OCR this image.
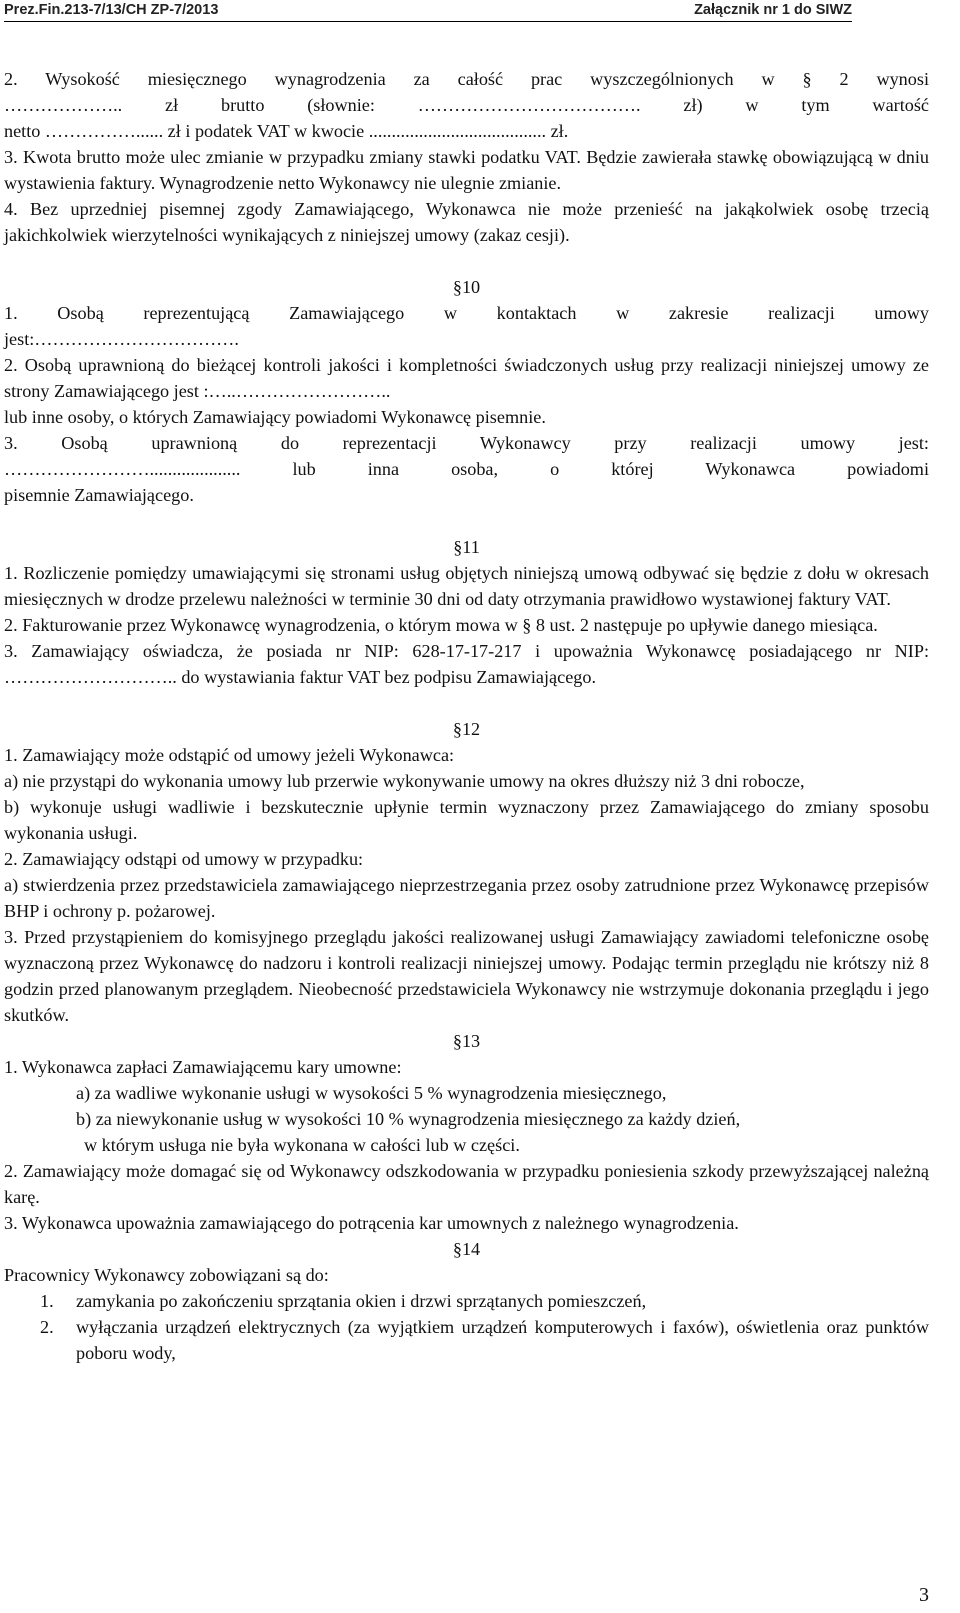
Prez.Fin.213-7/13/CH ZP-7/2013	Załącznik nr 1 do SIWZ

2. Wysokość miesięcznego wynagrodzenia za całość prac wyszczególnionych w § 2 wynosi

……………….. zł brutto (słownie: ………………………………. zł) w tym wartość

netto ……………...... zł i podatek VAT w kwocie ....................................... zł.

3. Kwota brutto może ulec zmianie w przypadku zmiany stawki podatku VAT. Będzie zawierała stawkę obowiązującą w dniu wystawienia faktury. Wynagrodzenie netto Wykonawcy nie ulegnie zmianie.

4. Bez uprzedniej pisemnej zgody Zamawiającego, Wykonawca nie może przenieść na jakąkolwiek osobę trzecią jakichkolwiek wierzytelności wynikających z niniejszej umowy (zakaz cesji).

§10

1. Osobą reprezentującą Zamawiającego w kontaktach w zakresie realizacji umowy

jest:…………………………….

2. Osobą uprawnioną do bieżącej kontroli jakości i kompletności świadczonych usług przy realizacji niniejszej umowy ze strony Zamawiającego jest :…..……………………..

lub inne osoby, o których Zamawiający powiadomi Wykonawcę pisemnie.

3. Osobą uprawnioną do reprezentacji Wykonawcy przy realizacji umowy jest:

…………………….................... lub inna osoba, o której Wykonawca powiadomi

pisemnie Zamawiającego.

§11

1. Rozliczenie pomiędzy umawiającymi się stronami usług objętych niniejszą umową odbywać się będzie z dołu w okresach miesięcznych w drodze przelewu należności w terminie 30 dni od daty otrzymania prawidłowo wystawionej faktury VAT.

2. Fakturowanie przez Wykonawcę wynagrodzenia, o którym mowa w § 8 ust. 2 następuje po upływie danego miesiąca.

3. Zamawiający oświadcza, że posiada nr NIP: 628-17-17-217 i upoważnia Wykonawcę posiadającego nr NIP: ……………………….. do wystawiania faktur VAT bez podpisu Zamawiającego.

§12

1. Zamawiający może odstąpić od umowy jeżeli Wykonawca:

a) nie przystąpi do wykonania umowy lub przerwie wykonywanie umowy na okres dłuższy niż 3 dni robocze,

b) wykonuje usługi wadliwie i bezskutecznie upłynie termin wyznaczony przez Zamawiającego do zmiany sposobu wykonania usługi.

2. Zamawiający odstąpi od umowy w przypadku:

a) stwierdzenia przez przedstawiciela zamawiającego nieprzestrzegania przez osoby zatrudnione przez Wykonawcę przepisów BHP i ochrony p. pożarowej.

3. Przed przystąpieniem do komisyjnego przeglądu jakości realizowanej usługi Zamawiający zawiadomi telefoniczne osobę wyznaczoną przez Wykonawcę do nadzoru i kontroli realizacji niniejszej umowy. Podając termin przeglądu nie krótszy niż 8 godzin przed planowanym przeglądem. Nieobecność przedstawiciela Wykonawcy nie wstrzymuje dokonania przeglądu i jego skutków.

§13

1. Wykonawca zapłaci Zamawiającemu kary umowne:

a) za wadliwe wykonanie usługi w wysokości 5 % wynagrodzenia miesięcznego,

b) za niewykonanie usług w wysokości 10 % wynagrodzenia miesięcznego za każdy dzień,

w którym usługa nie była wykonana w całości lub w części.

2. Zamawiający może domagać się od Wykonawcy odszkodowania w przypadku poniesienia szkody przewyższającej należną karę.

3. Wykonawca upoważnia zamawiającego do potrącenia kar umownych z należnego wynagrodzenia.

§14

Pracownicy Wykonawcy zobowiązani są do:

1.	zamykania po zakończeniu sprzątania okien i drzwi sprzątanych pomieszczeń,
2.	wyłączania urządzeń elektrycznych (za wyjątkiem urządzeń komputerowych i faxów), oświetlenia oraz punktów poboru wody,
3
